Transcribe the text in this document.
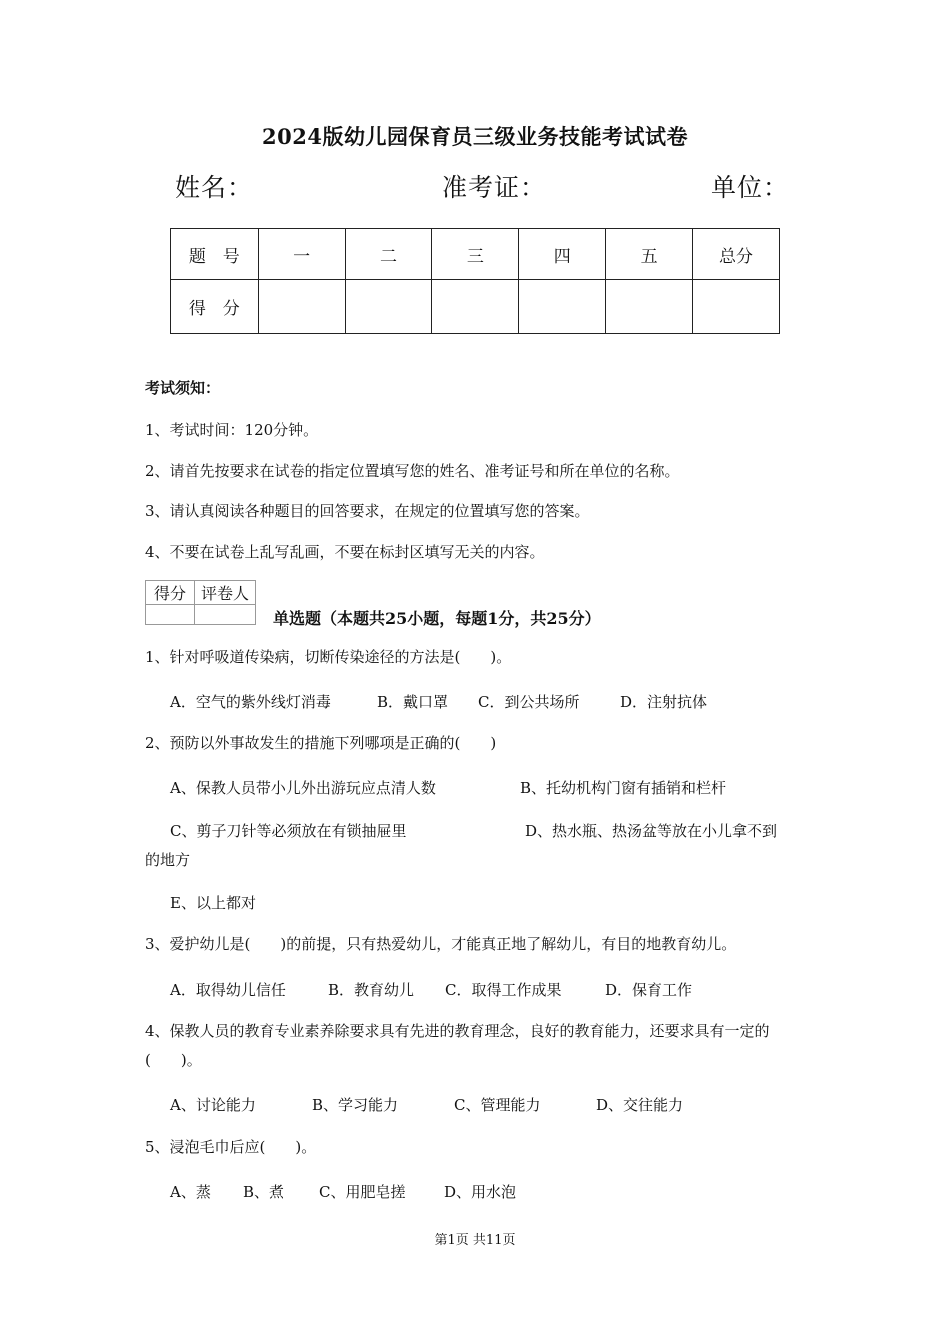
2024版幼儿园保育员三级业务技能考试试卷
姓名：	准考证：	单位：
题　号	一	二	三	四	五	总分
得　分						
考试须知：
1、考试时间：120分钟。
2、请首先按要求在试卷的指定位置填写您的姓名、准考证号和所在单位的名称。
3、请认真阅读各种题目的回答要求，在规定的位置填写您的答案。
4、不要在试卷上乱写乱画，不要在标封区填写无关的内容。
得分	评卷人

单选题（本题共25小题，每题1分，共25分）
1、针对呼吸道传染病，切断传染途径的方法是(　　)。
A．空气的紫外线灯消毒	B．戴口罩 C．到公共场所	D．注射抗体
2、预防以外事故发生的措施下列哪项是正确的(　　)
A、保教人员带小儿外出游玩应点清人数	B、托幼机构门窗有插销和栏杆
C、剪子刀针等必须放在有锁抽屉里	D、热水瓶、热汤盆等放在小儿拿不到
的地方
E、以上都对
3、爱护幼儿是(　　)的前提，只有热爱幼儿，才能真正地了解幼儿，有目的地教育幼儿。
A．取得幼儿信任	B．教育幼儿 C．取得工作成果	D．保育工作
4、保教人员的教育专业素养除要求具有先进的教育理念，良好的教育能力，还要求具有一定的(　　)。
A、讨论能力	B、学习能力	C、管理能力	D、交往能力
5、浸泡毛巾后应(　　)。
A、蒸 B、煮 C、用肥皂搓	D、用水泡
第1页 共11页
